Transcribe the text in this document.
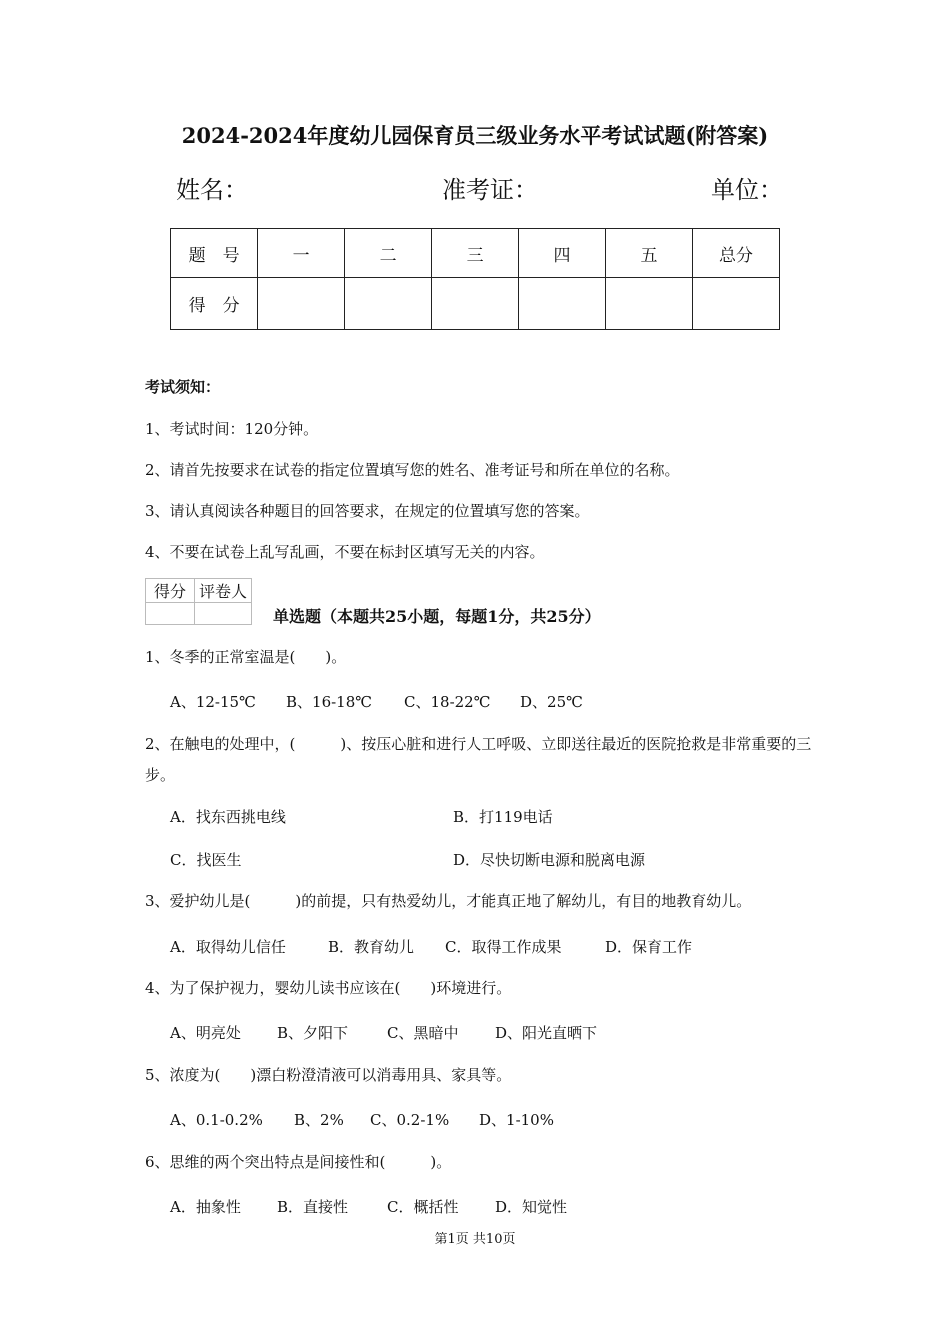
2024-2024年度幼儿园保育员三级业务水平考试试题(附答案)
姓名：	准考证：	单位：
题　号	一	二	三	四	五	总分
得　分						
考试须知：
1、考试时间：120分钟。
2、请首先按要求在试卷的指定位置填写您的姓名、准考证号和所在单位的名称。
3、请认真阅读各种题目的回答要求，在规定的位置填写您的答案。
4、不要在试卷上乱写乱画，不要在标封区填写无关的内容。
得分	评卷人

单选题（本题共25小题，每题1分，共25分）
1、冬季的正常室温是(　　)。
A、12-15℃ B、16-18℃ C、18-22℃ D、25℃
2、在触电的处理中，(　　　)、按压心脏和进行人工呼吸、立即送往最近的医院抢救是非常重要的三步。
A．找东西挑电线	B．打119电话
C．找医生	D．尽快切断电源和脱离电源
3、爱护幼儿是(　　　)的前提，只有热爱幼儿，才能真正地了解幼儿，有目的地教育幼儿。
A．取得幼儿信任	B．教育幼儿 C．取得工作成果	D．保育工作
4、为了保护视力，婴幼儿读书应该在(　　)环境进行。
A、明亮处 B、夕阳下	C、黑暗中 D、阳光直晒下
5、浓度为(　　)漂白粉澄清液可以消毒用具、家具等。
A、0.1-0.2% B、2% C、0.2-1% D、1-10%
6、思维的两个突出特点是间接性和(　　　)。
A．抽象性 B．直接性	C．概括性 D．知觉性
第1页 共10页
